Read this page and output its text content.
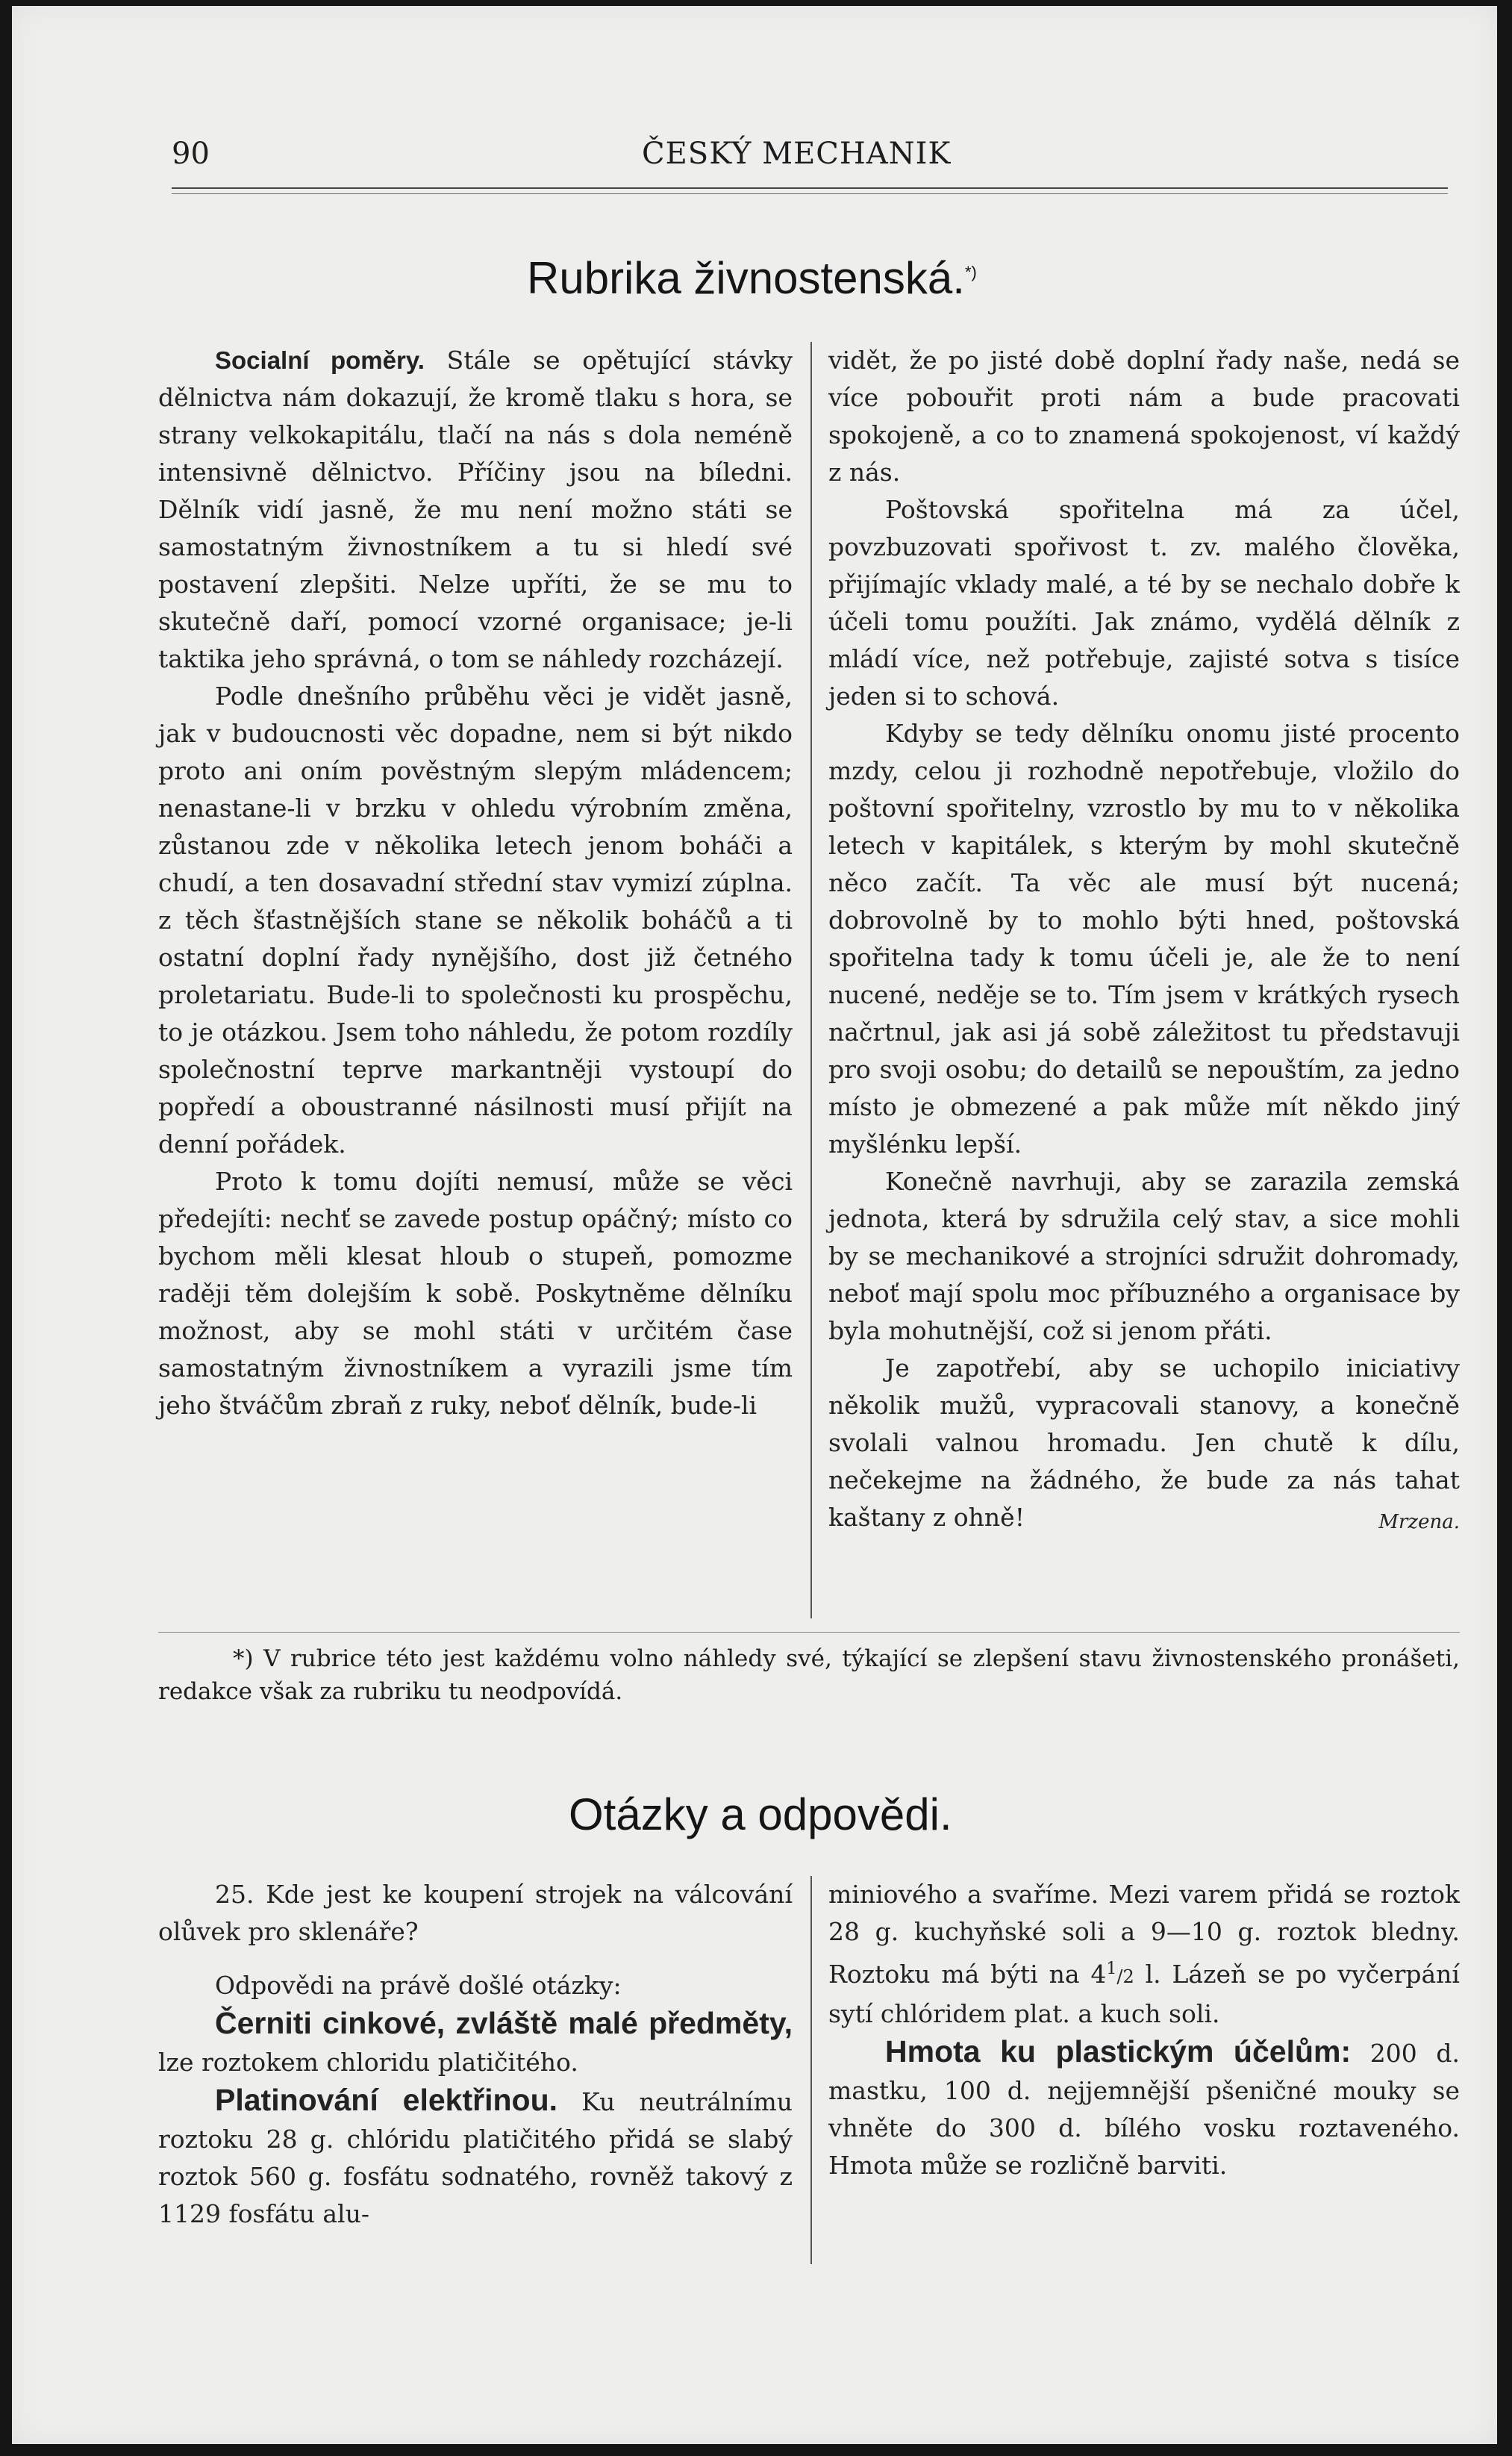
90	ČESKÝ MECHANIK
Rubrika živnostenská.*)

Socialní poměry. Stále se opětující stávky dělnictva nám dokazují, že kromě tlaku s hora, se strany velkokapitálu, tlačí na nás s dola neméně intensivně dělnictvo. Příčiny jsou na bíledni. Dělník vidí jasně, že mu není možno státi se samostatným živnostníkem a tu si hledí své postavení zlepšiti. Nelze upříti, že se mu to skutečně daří, pomocí vzorné organisace; je-li taktika jeho správná, o tom se náhledy rozcházejí.

Podle dnešního průběhu věci je vidět jasně, jak v budoucnosti věc dopadne, nem si být nikdo proto ani oním pověstným slepým mládencem; nenastane-li v brzku v ohledu výrobním změna, zůstanou zde v několika letech jenom boháči a chudí, a ten dosavadní střední stav vymizí zúplna. z těch šťastnějších stane se několik boháčů a ti ostatní doplní řady nynějšího, dost již četného proletariatu. Bude-li to společnosti ku prospěchu, to je otázkou. Jsem toho náhledu, že potom rozdíly společnostní teprve markantněji vystoupí do popředí a oboustranné násilnosti musí přijít na denní pořádek.

Proto k tomu dojíti nemusí, může se věci předejíti: nechť se zavede postup opáčný; místo co bychom měli klesat hloub o stupeň, pomozme raději těm dolejším k sobě. Poskytněme dělníku možnost, aby se mohl státi v určitém čase samostatným živnostníkem a vyrazili jsme tím jeho štváčům zbraň z ruky, neboť dělník, bude-li

vidět, že po jisté době doplní řady naše, nedá se více pobouřit proti nám a bude pracovati spokojeně, a co to znamená spokojenost, ví každý z nás.

Poštovská spořitelna má za účel, povzbuzovati spořivost t. zv. malého člověka, přijímajíc vklady malé, a té by se nechalo dobře k účeli tomu použíti. Jak známo, vydělá dělník z mládí více, než potřebuje, zajisté sotva s tisíce jeden si to schová.

Kdyby se tedy dělníku onomu jisté procento mzdy, celou ji rozhodně nepotřebuje, vložilo do poštovní spořitelny, vzrostlo by mu to v několika letech v kapitálek, s kterým by mohl skutečně něco začít. Ta věc ale musí být nucená; dobrovolně by to mohlo býti hned, poštovská spořitelna tady k tomu účeli je, ale že to není nucené, neděje se to. Tím jsem v krátkých rysech načrtnul, jak asi já sobě záležitost tu představuji pro svoji osobu; do detailů se nepouštím, za jedno místo je obmezené a pak může mít někdo jiný myšlénku lepší.

Konečně navrhuji, aby se zarazila zemská jednota, která by sdružila celý stav, a sice mohli by se mechanikové a strojníci sdružit dohromady, neboť mají spolu moc příbuzného a organisace by byla mohutnější, což si jenom přáti.

Je zapotřebí, aby se uchopilo iniciativy několik mužů, vypracovali stanovy, a konečně svolali valnou hromadu. Jen chutě k dílu, nečekejme na žádného, že bude za nás tahat kaštany z ohně!	Mrzena.

*) V rubrice této jest každému volno náhledy své, týkající se zlepšení stavu živnostenského pronášeti, redakce však za rubriku tu neodpovídá.
Otázky a odpovědi.

25. Kde jest ke koupení strojek na válcování olůvek pro sklenáře?

Odpovědi na právě došlé otázky:

Černiti cinkové, zvláště malé předměty, lze roztokem chloridu platičitého.

Platinování elektřinou. Ku neutrálnímu roztoku 28 g. chlóridu platičitého přidá se slabý roztok 560 g. fosfátu sodnatého, rovněž takový z 1129 fosfátu alu-

miniového a svaříme. Mezi varem přidá se roztok 28 g. kuchyňské soli a 9—10 g. roztok bledny. Roztoku má býti na $4^1/2$ l. Lázeň se po vyčerpání sytí chlóridem plat. a kuch soli.

Hmota ku plastickým účelům: 200 d. mastku, 100 d. nejjemnější pšeničné mouky se vhněte do 300 d. bílého vosku roztaveného. Hmota může se rozličně barviti.
